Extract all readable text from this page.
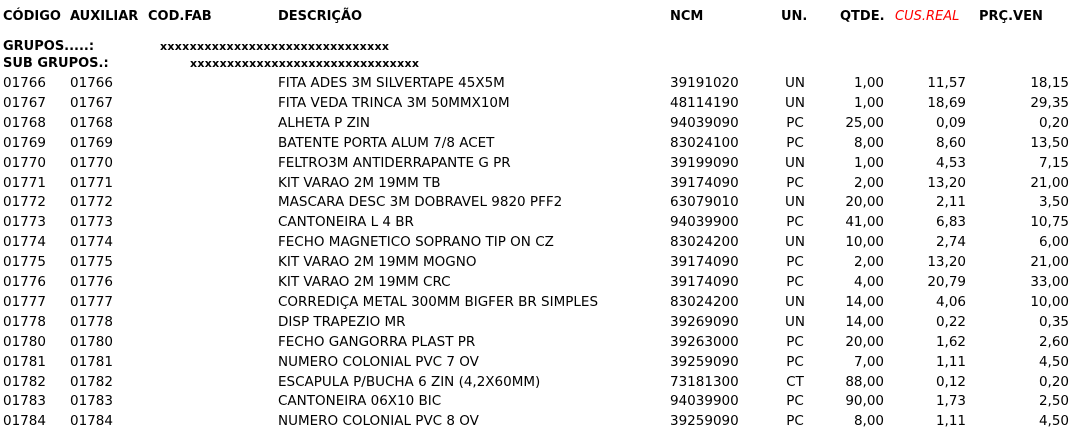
CÓDIGO AUXILIAR COD.FAB	DESCRIÇÃO	NCM	UN.	QTDE. CUS.REAL PRÇ.VEN
GRUPOS.....:	xxxxxxxxxxxxxxxxxxxxxxxxxxxxxxx
SUB GRUPOS.:	xxxxxxxxxxxxxxxxxxxxxxxxxxxxxxx
01766 01766	FITA ADES 3M SILVERTAPE 45X5M	39191020	UN	1,00	11,57	18,15
01767 01767	FITA VEDA TRINCA 3M 50MMX10M	48114190	UN	1,00	18,69	29,35
01768 01768	ALHETA P ZIN	94039090	PC	25,00	0,09	0,20
01769 01769	BATENTE PORTA ALUM 7/8 ACET	83024100	PC	8,00	8,60	13,50
01770 01770	FELTRO3M ANTIDERRAPANTE G PR	39199090	UN	1,00	4,53	7,15
01771 01771	KIT VARAO 2M 19MM TB	39174090	PC	2,00	13,20	21,00
01772 01772	MASCARA DESC 3M DOBRAVEL 9820 PFF2	63079010	UN	20,00	2,11	3,50
01773 01773	CANTONEIRA L 4 BR	94039900	PC	41,00	6,83	10,75
01774 01774	FECHO MAGNETICO SOPRANO TIP ON CZ	83024200	UN	10,00	2,74	6,00
01775 01775	KIT VARAO 2M 19MM MOGNO	39174090	PC	2,00	13,20	21,00
01776 01776	KIT VARAO 2M 19MM CRC	39174090	PC	4,00	20,79	33,00
01777 01777	CORREDIÇA METAL 300MM BIGFER BR SIMPLES	83024200	UN	14,00	4,06	10,00
01778 01778	DISP TRAPEZIO MR	39269090	UN	14,00	0,22	0,35
01780 01780	FECHO GANGORRA PLAST PR	39263000	PC	20,00	1,62	2,60
01781 01781	NUMERO COLONIAL PVC 7 OV	39259090	PC	7,00	1,11	4,50
01782 01782	ESCAPULA P/BUCHA 6 ZIN (4,2X60MM)	73181300	CT	88,00	0,12	0,20
01783 01783	CANTONEIRA 06X10 BIC	94039900	PC	90,00	1,73	2,50
01784 01784	NUMERO COLONIAL PVC 8 OV	39259090	PC	8,00	1,11	4,50
